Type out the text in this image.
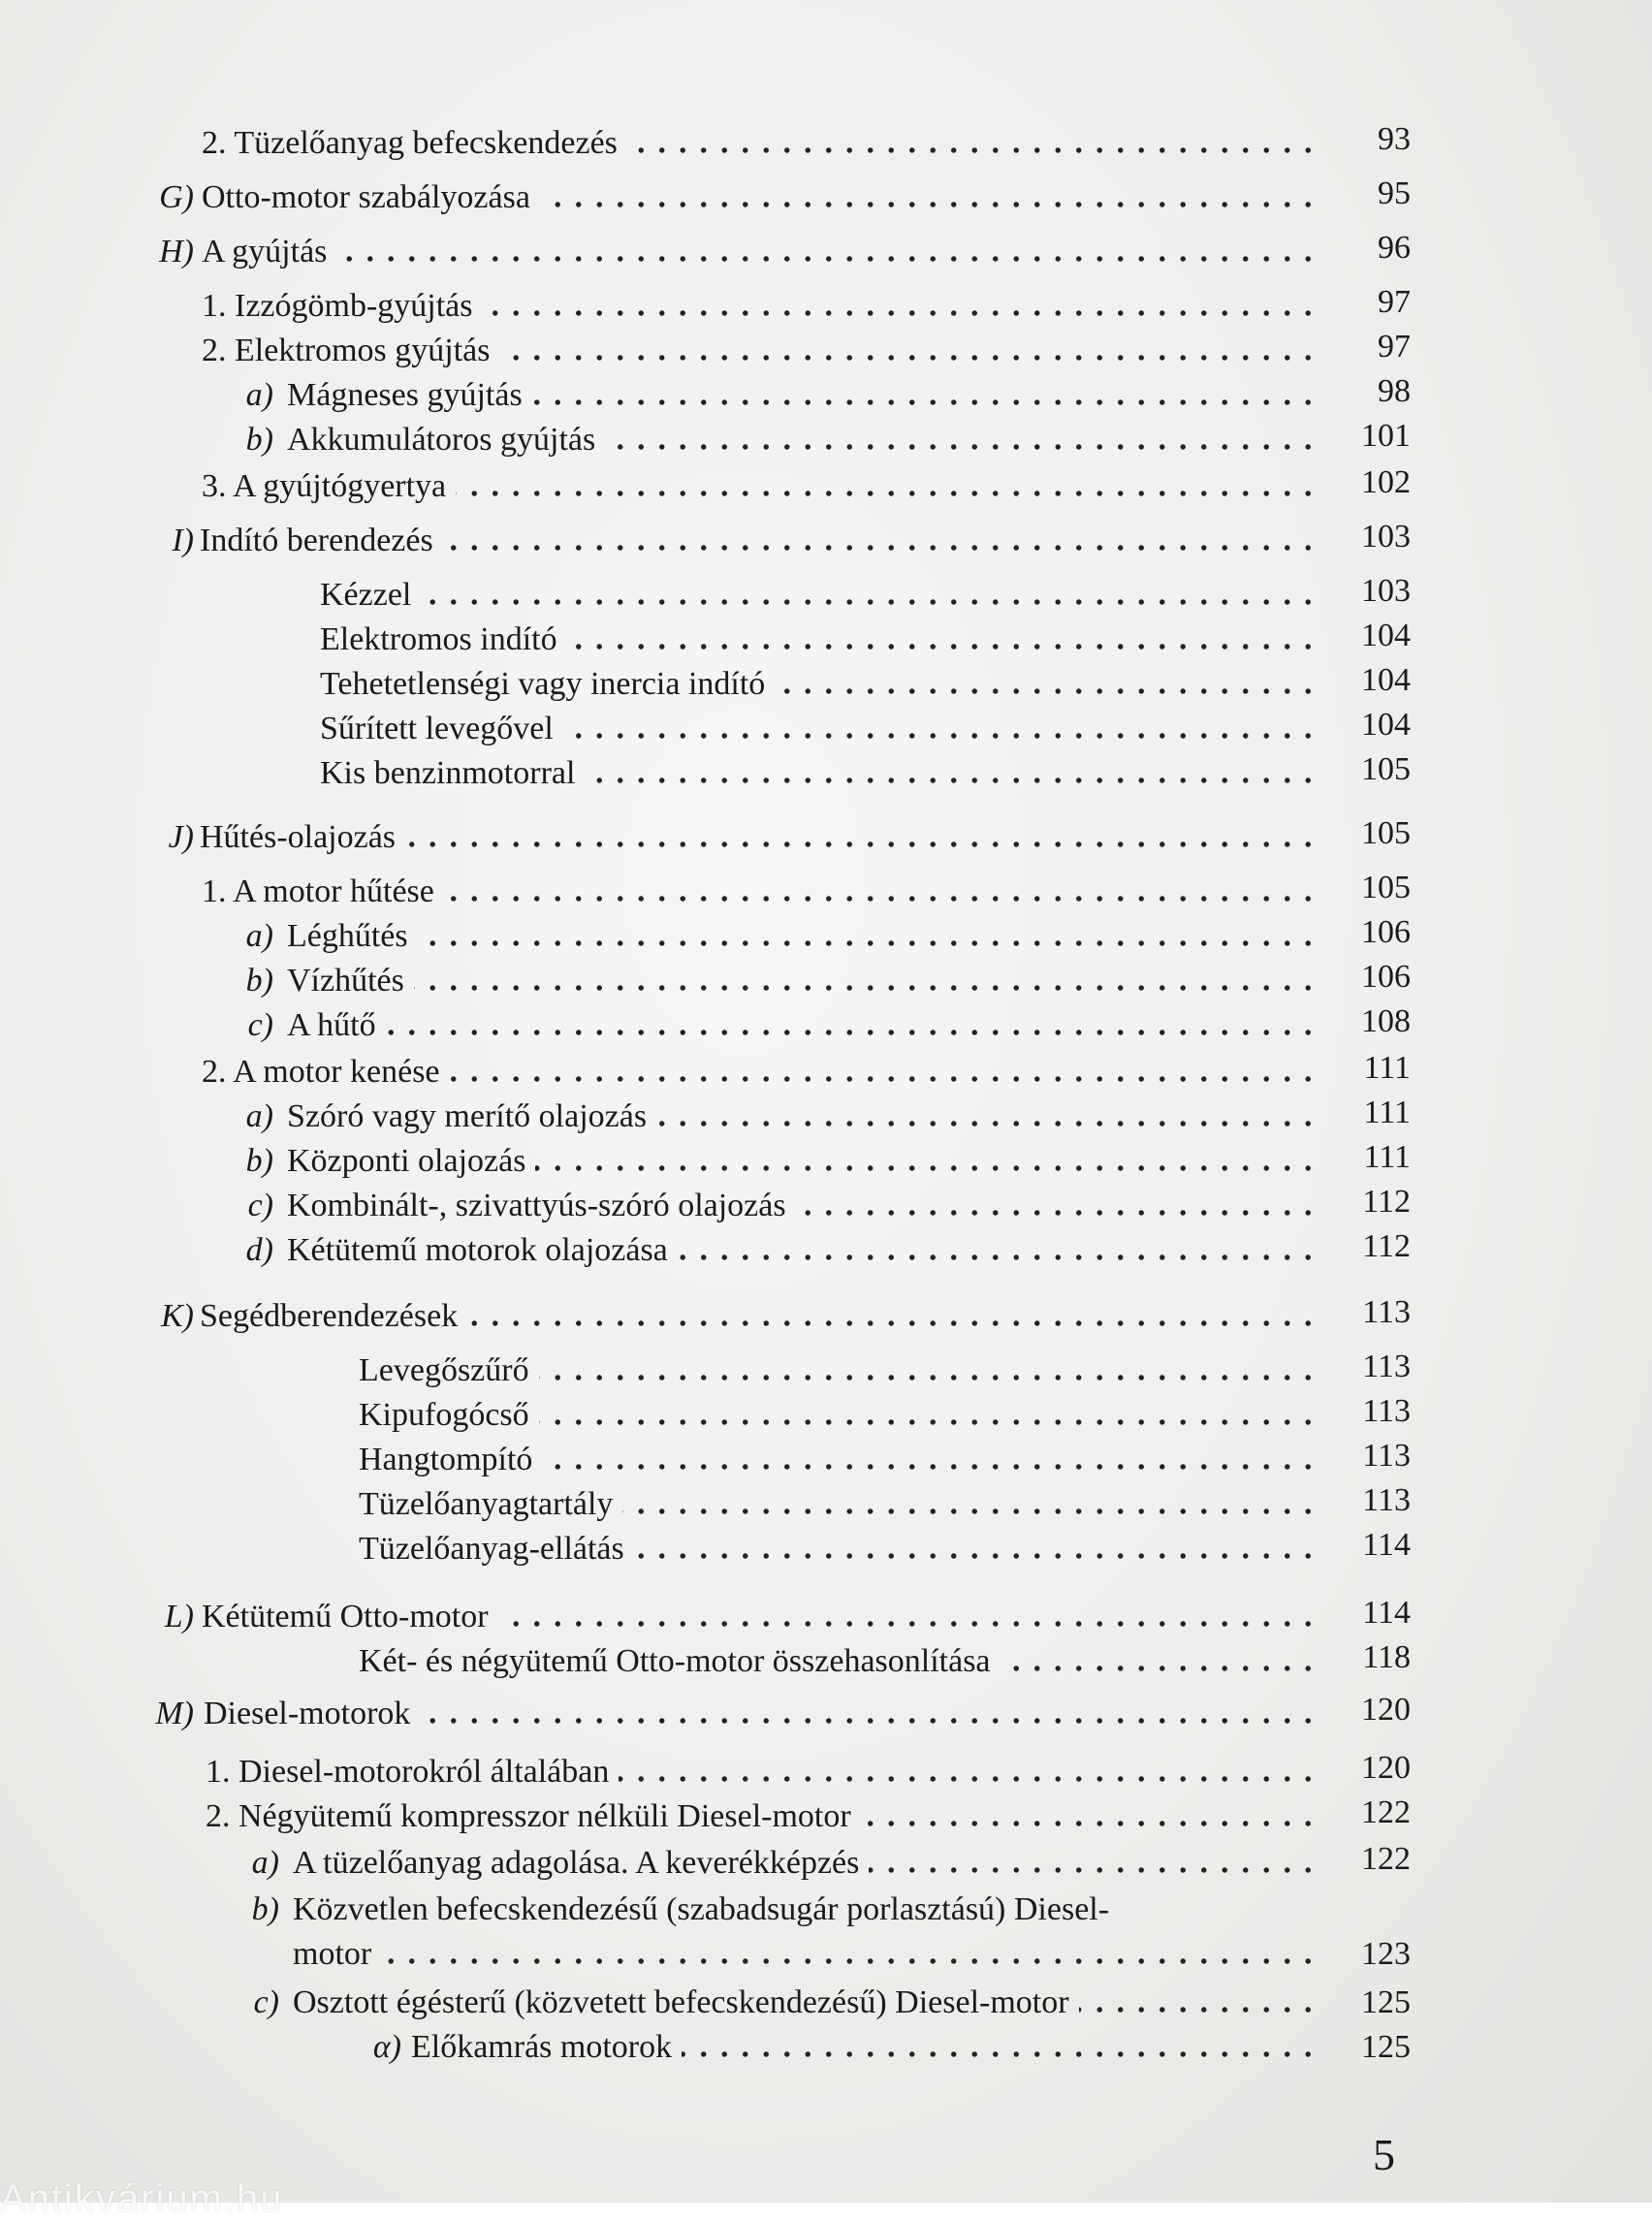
2. Tüzelőanyag befecskendezés	93
G) Otto-motor szabályozása	95
H) A gyújtás	96
1. Izzógömb-gyújtás	97
2. Elektromos gyújtás	97
a) Mágneses gyújtás	98
b) Akkumulátoros gyújtás	101
3. A gyújtógyertya	102
I) Indító berendezés	103
Kézzel	103
Elektromos indító	104
Tehetetlenségi vagy inercia indító	104
Sűrített levegővel	104
Kis benzinmotorral	105
J) Hűtés-olajozás	105
1. A motor hűtése	105
a) Léghűtés	106
b) Vízhűtés	106
c) A hűtő	108
2. A motor kenése	111
a) Szóró vagy merítő olajozás	111
b) Központi olajozás	111
c) Kombinált-, szivattyús-szóró olajozás	112
d) Kétütemű motorok olajozása	112
K) Segédberendezések	113
Levegőszűrő	113
Kipufogócső	113
Hangtompító	113
Tüzelőanyagtartály	113
Tüzelőanyag-ellátás	114
L) Kétütemű Otto-motor	114
Két- és négyütemű Otto-motor összehasonlítása	118
M) Diesel-motorok	120
1. Diesel-motorokról általában	120
2. Négyütemű kompresszor nélküli Diesel-motor	122
a) A tüzelőanyag adagolása. A keverékképzés	122
b) Közvetlen befecskendezésű (szabadsugár porlasztású) Diesel-
motor	123
c) Osztott égésterű (közvetett befecskendezésű) Diesel-motor	125
α) Előkamrás motorok	125
5
Antikvárium.hu
